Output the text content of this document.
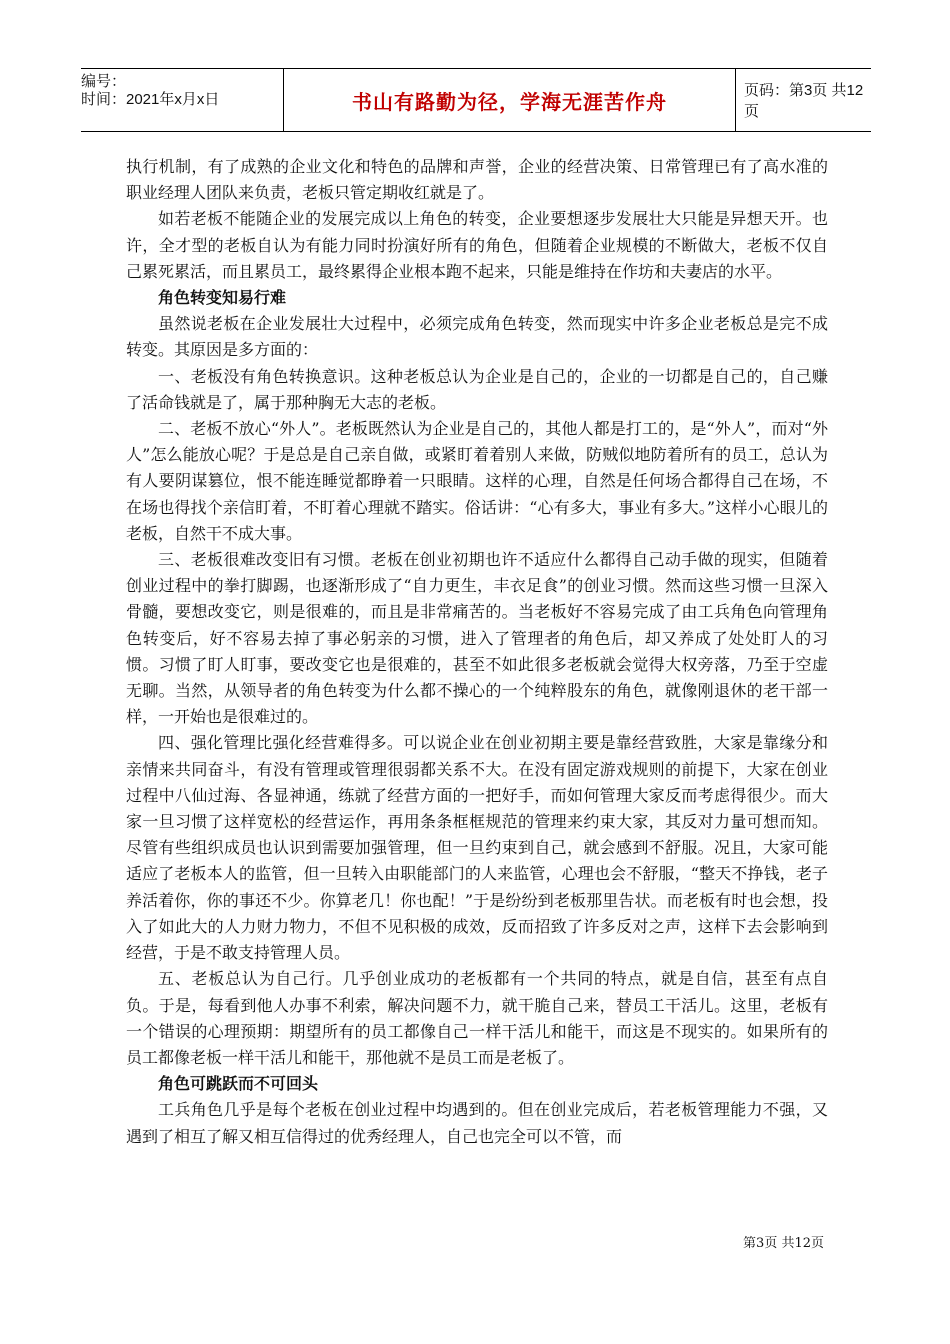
编号：
时间：2021年x月x日	书山有路勤为径，学海无涯苦作舟	页码：第3页 共12页

执行机制，有了成熟的企业文化和特色的品牌和声誉，企业的经营决策、日常管理已有了高水准的职业经理人团队来负责，老板只管定期收红就是了。

如若老板不能随企业的发展完成以上角色的转变，企业要想逐步发展壮大只能是异想天开。也许，全才型的老板自认为有能力同时扮演好所有的角色，但随着企业规模的不断做大，老板不仅自己累死累活，而且累员工，最终累得企业根本跑不起来，只能是维持在作坊和夫妻店的水平。

角色转变知易行难

虽然说老板在企业发展壮大过程中，必须完成角色转变，然而现实中许多企业老板总是完不成转变。其原因是多方面的：

一、老板没有角色转换意识。这种老板总认为企业是自己的，企业的一切都是自己的，自己赚了活命钱就是了，属于那种胸无大志的老板。

二、老板不放心“外人”。老板既然认为企业是自己的，其他人都是打工的，是“外人”，而对“外人”怎么能放心呢？于是总是自己亲自做，或紧盯着着别人来做，防贼似地防着所有的员工，总认为有人要阴谋篡位，恨不能连睡觉都睁着一只眼睛。这样的心理，自然是任何场合都得自己在场，不在场也得找个亲信盯着，不盯着心理就不踏实。俗话讲：“心有多大，事业有多大。”这样小心眼儿的老板，自然干不成大事。

三、老板很难改变旧有习惯。老板在创业初期也许不适应什么都得自己动手做的现实，但随着创业过程中的拳打脚踢，也逐渐形成了“自力更生，丰衣足食”的创业习惯。然而这些习惯一旦深入骨髓，要想改变它，则是很难的，而且是非常痛苦的。当老板好不容易完成了由工兵角色向管理角色转变后，好不容易去掉了事必躬亲的习惯，进入了管理者的角色后，却又养成了处处盯人的习惯。习惯了盯人盯事，要改变它也是很难的，甚至不如此很多老板就会觉得大权旁落，乃至于空虚无聊。当然，从领导者的角色转变为什么都不操心的一个纯粹股东的角色，就像刚退休的老干部一样，一开始也是很难过的。

四、强化管理比强化经营难得多。可以说企业在创业初期主要是靠经营致胜，大家是靠缘分和亲情来共同奋斗，有没有管理或管理很弱都关系不大。在没有固定游戏规则的前提下，大家在创业过程中八仙过海、各显神通，练就了经营方面的一把好手，而如何管理大家反而考虑得很少。而大家一旦习惯了这样宽松的经营运作，再用条条框框规范的管理来约束大家，其反对力量可想而知。尽管有些组织成员也认识到需要加强管理，但一旦约束到自己，就会感到不舒服。况且，大家可能适应了老板本人的监管，但一旦转入由职能部门的人来监管，心理也会不舒服，“整天不挣钱，老子养活着你，你的事还不少。你算老几！你也配！”于是纷纷到老板那里告状。而老板有时也会想，投入了如此大的人力财力物力，不但不见积极的成效，反而招致了许多反对之声，这样下去会影响到经营，于是不敢支持管理人员。

五、老板总认为自己行。几乎创业成功的老板都有一个共同的特点，就是自信，甚至有点自负。于是，每看到他人办事不利索，解决问题不力，就干脆自己来，替员工干活儿。这里，老板有一个错误的心理预期：期望所有的员工都像自己一样干活儿和能干，而这是不现实的。如果所有的员工都像老板一样干活儿和能干，那他就不是员工而是老板了。

角色可跳跃而不可回头

工兵角色几乎是每个老板在创业过程中均遇到的。但在创业完成后，若老板管理能力不强，又遇到了相互了解又相互信得过的优秀经理人，自己也完全可以不管，而

第3页 共12页
